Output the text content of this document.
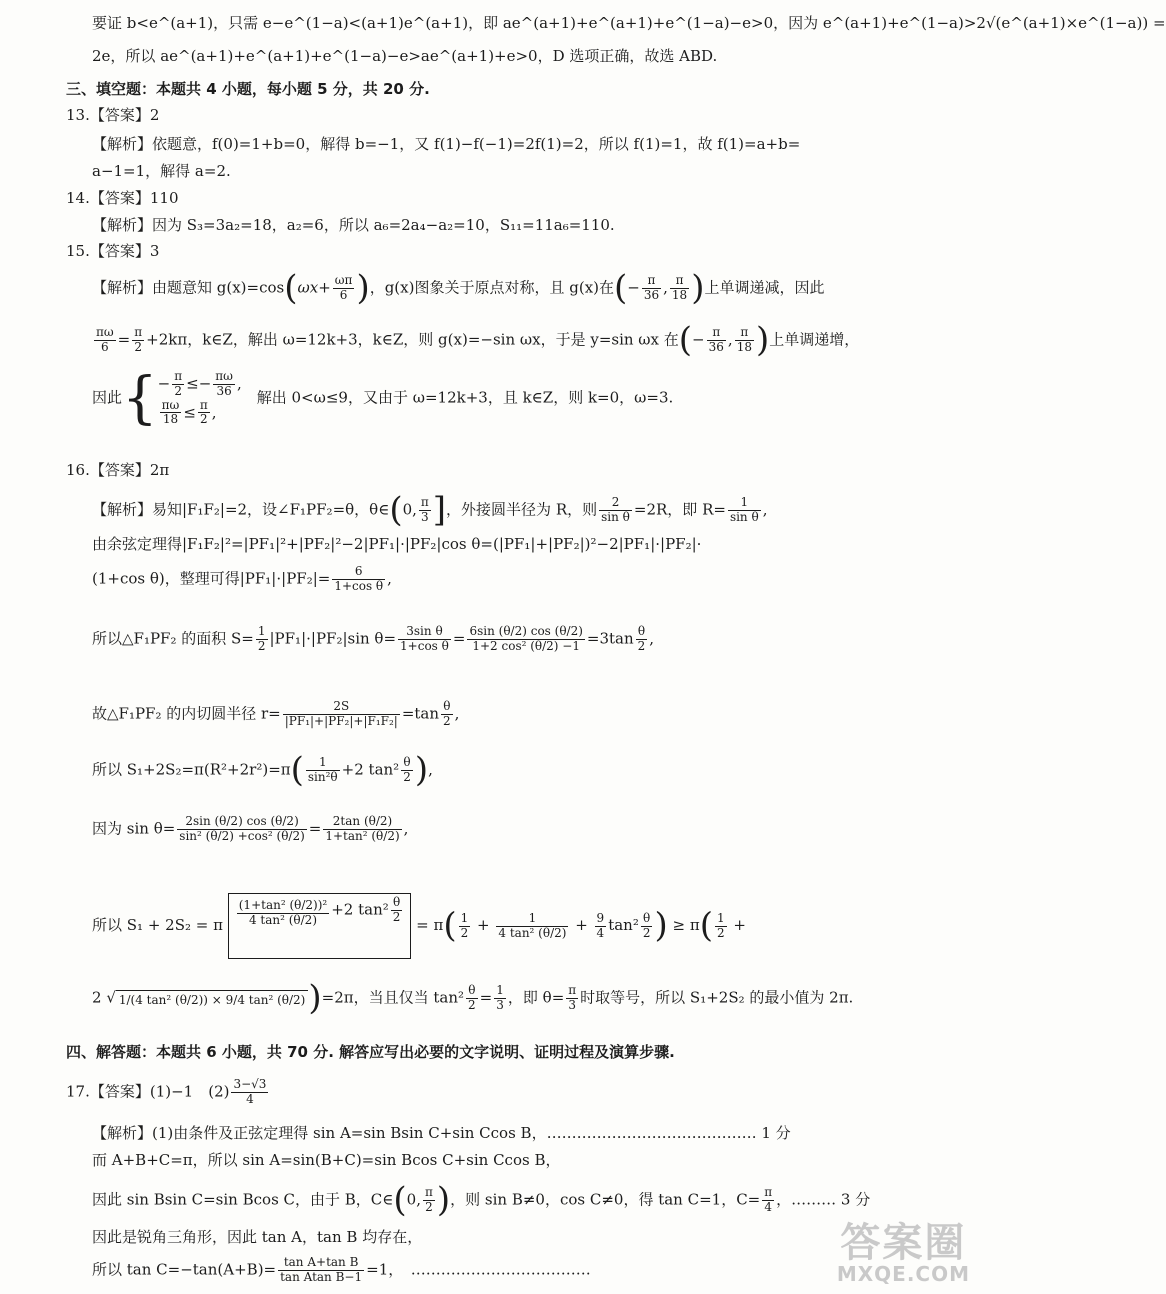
要证 b<e^(a+1)，只需 e−e^(1−a)<(a+1)e^(a+1)，即 ae^(a+1)+e^(a+1)+e^(1−a)−e>0，因为 e^(a+1)+e^(1−a)>2√(e^(a+1)×e^(1−a)) =
2e，所以 ae^(a+1)+e^(a+1)+e^(1−a)−e>ae^(a+1)+e>0，D 选项正确，故选 ABD.
三、填空题：本题共 4 小题，每小题 5 分，共 20 分.
13.【答案】2
【解析】依题意，f(0)=1+b=0，解得 b=−1，又 f(1)−f(−1)=2f(1)=2，所以 f(1)=1，故 f(1)=a+b=
a−1=1，解得 a=2.
14.【答案】110
【解析】因为 S₃=3a₂=18，a₂=6，所以 a₆=2a₄−a₂=10，S₁₁=11a₆=110.
15.【答案】3
【解析】由题意知 $g(x)=\cos(\omega x+ \frac{\omega\pi}{6}$ )，g(x)图象关于原点对称，且 g(x)在(− $\frac{\pi}{36}$ , $\frac{\pi}{18}$ )上单调递减，因此
$\frac{\pi\omega}{6} = \frac{\pi}{2} +2k\pi$，k∈Z，解出 ω=12k+3，k∈Z，则 g(x)=−sin ωx，于是 y=sin ωx 在(− $\frac{\pi}{36}$ , $\frac{\pi}{18}$ )上单调递增，
因此{ − $\frac{\pi}{2} \le- \frac{\pi\omega}{36}$ ,
$\frac{\pi\omega}{18} \le \frac{\pi}{2}$ ,
　解出 0<ω≤9，又由于 ω=12k+3，且 k∈Z，则 k=0，ω=3.
16.【答案】2π
【解析】易知|F₁F₂|=2，设∠F₁PF₂=θ，θ∈(0, $\frac{\pi}{3}$ ]，外接圆半径为 R，则 $\frac{2}{\text{sin θ}} =2R$，即 $R= \frac{1}{\text{sin θ}}$ ,
由余弦定理得|F₁F₂|²=|PF₁|²+|PF₂|²−2|PF₁|·|PF₂|cos θ=(|PF₁|+|PF₂|)²−2|PF₁|·|PF₂|·
(1+cos θ)，整理可得$|PF_1|\cdot|PF_2|= \frac{6}{\text{1+cos θ}}$ ,
所以△F₁PF₂ 的面积 $S= \frac{1}{2} |PF_1|\cdot|PF_2|\sin$ $\theta= \frac{\text{3sin θ}}{\text{1+cos θ}} = \frac{6\sin (\theta/2) \cos (\theta/2)}{\text{1+2 cos² (θ/2) −1}} =3\tan \frac{\theta}{2}$ ,
故△F₁PF₂ 的内切圆半径 $r= \frac{2S}{\text{|PF₁|+|PF₂|+|F₁F₂|}} =\tan \frac{\theta}{2}$ ,
所以 $S_1+2S_2=\pi(R^2+2r^2)=\pi( \frac{1}{\text{sin²θ}} +2$ $\tan^2 \frac{\theta}{2}$ ),
因为 $\sin \theta= \frac{2\sin (\theta/2) \cos (\theta/2)}{\text{sin² (θ/2) +cos² (θ/2)}} = \frac{2\tan (\theta/2)}{\text{1+tan² (θ/2)}}$ ,
所以 S₁ + 2S₂ = π $\frac{\text{(1+tan² (θ/2))²}}{\text{4 tan² (θ/2)}} +2$ $\tan^2 \frac{\theta}{2}$
= $\pi( \frac{1}{2} + \frac{1}{\text{4 tan² (θ/2)}} + \frac{9}{4} \tan^2 \frac{\theta}{2}$ ) ≥ $\pi( \frac{1}{2}$ +
2 √ 1/(4 tan² (θ/2)) × 9/4 tan² (θ/2))=2π，当且仅当 $\tan^2 \frac{\theta}{2} = \frac{1}{3}$ ，即 $\theta= \frac{\pi}{3}$ 时取等号，所以 S₁+2S₂ 的最小值为 2π.
四、解答题：本题共 6 小题，共 70 分. 解答应写出必要的文字说明、证明过程及演算步骤.
17.【答案】(1)−1　$(2) \frac{3-√3}{4}$
【解析】(1)由条件及正弦定理得 sin A=sin Bsin C+sin Ccos B，…………………………………… 1 分
而 A+B+C=π，所以 sin A=sin(B+C)=sin Bcos C+sin Ccos B，
因此 sin Bsin C=sin Bcos C，由于 B，C∈(0, $\frac{\pi}{2}$ )，则 sin B≠0，cos C≠0，得 tan C=1，$C= \frac{\pi}{4}$ ，……… 3 分
因此是锐角三角形，因此 tan A，tan B 均存在，
所以 $\tan C=-\tan(A+B)= \frac{\text{tan A+tan B}}{\text{tan Atan B−1}} =1$，　………………………………
答案圈
MXQE.COM
